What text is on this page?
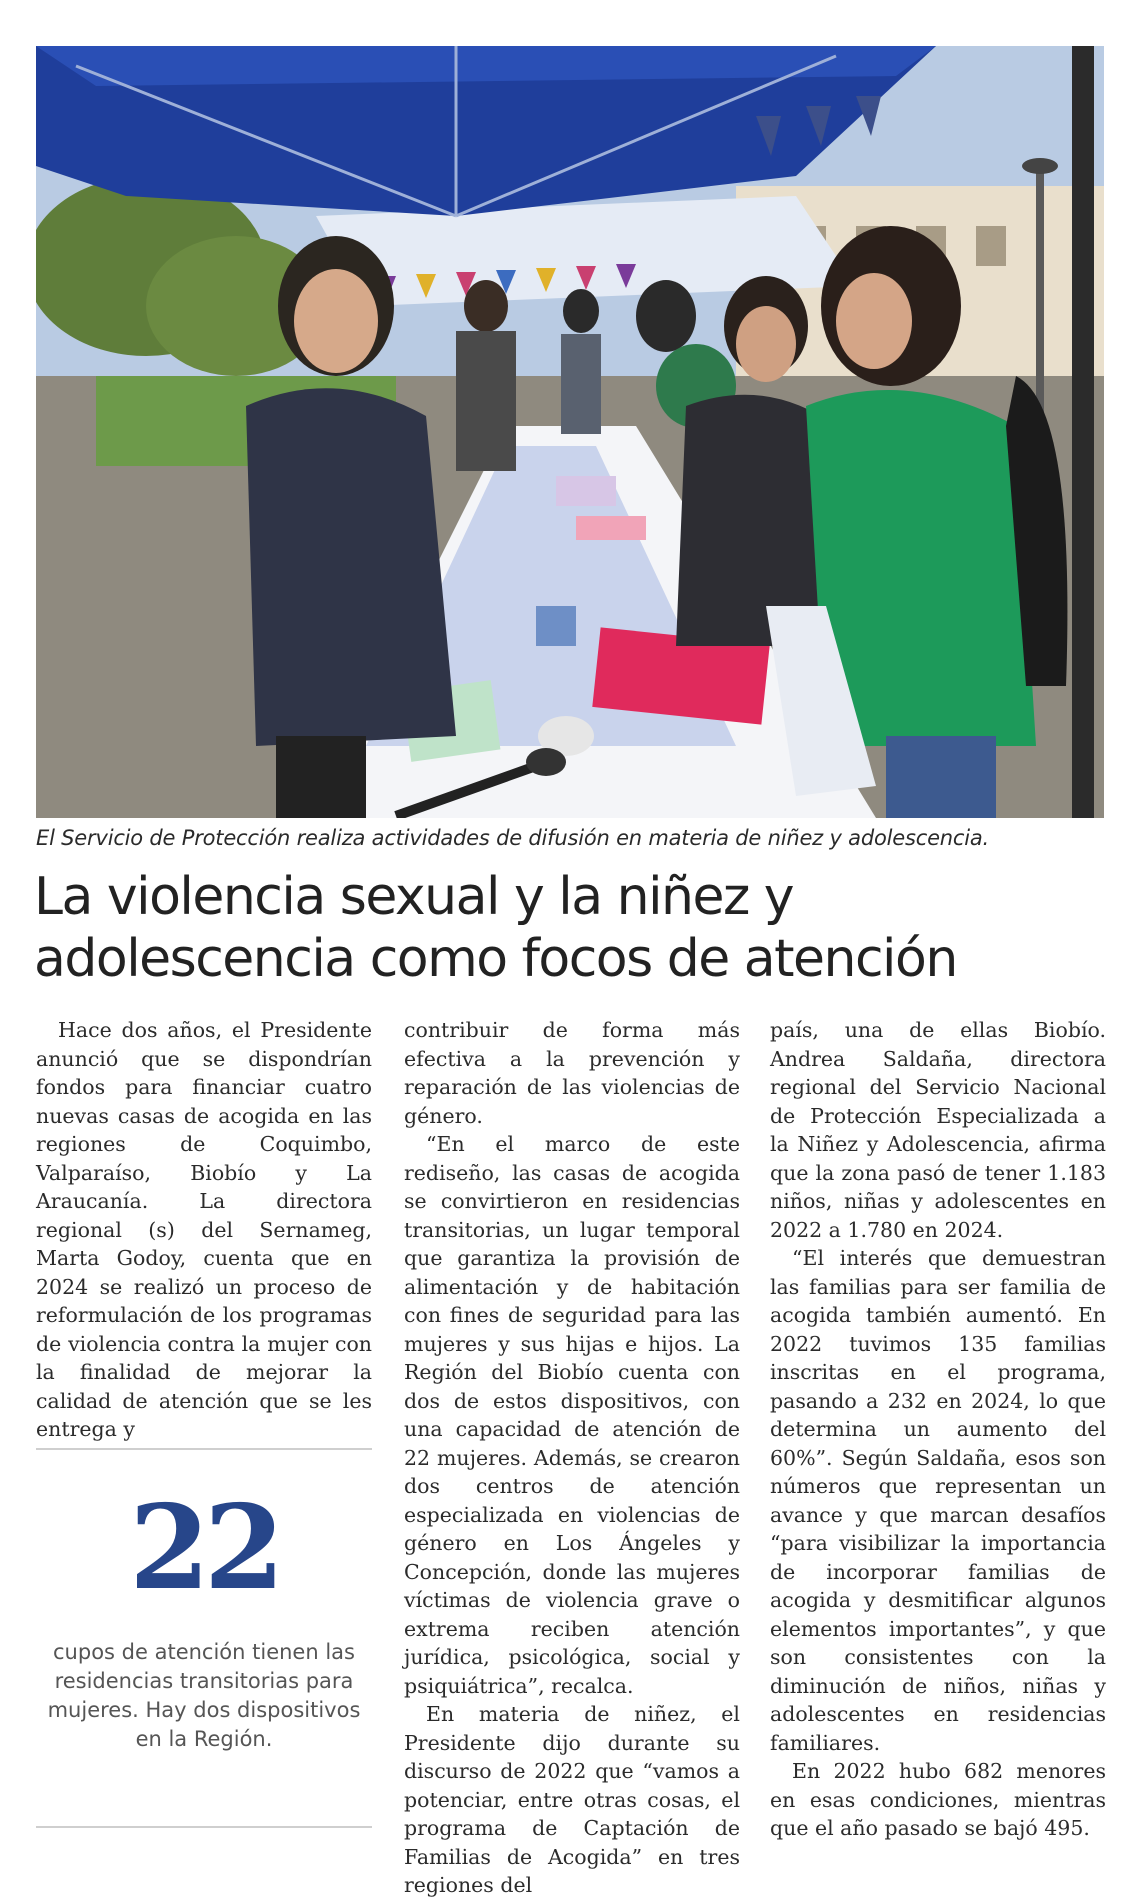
El Servicio de Protección realiza actividades de difusión en materia de niñez y adolescencia.
La violencia sexual y la niñez y
adolescencia como focos de atención

Hace dos años, el Presidente anunció que se dispondrían fondos para financiar cuatro nuevas casas de acogida en las regiones de Coquimbo, Valparaíso, Biobío y La Araucanía. La directora regional (s) del Sernameg, Marta Godoy, cuenta que en 2024 se realizó un proceso de reformulación de los programas de violencia contra la mujer con la finalidad de mejorar la calidad de atención que se les entrega y

22
cupos de atención tienen las residencias transitorias para mujeres. Hay dos dispositivos en la Región.

contribuir de forma más efectiva a la prevención y reparación de las violencias de género.

“En el marco de este rediseño, las casas de acogida se convirtieron en residencias transitorias, un lugar temporal que garantiza la provisión de alimentación y de habitación con fines de seguridad para las mujeres y sus hijas e hijos. La Región del Biobío cuenta con dos de estos dispositivos, con una capacidad de atención de 22 mujeres. Además, se crearon dos centros de atención especializada en violencias de género en Los Ángeles y Concepción, donde las mujeres víctimas de violencia grave o extrema reciben atención jurídica, psicológica, social y psiquiátrica”, recalca.

En materia de niñez, el Presidente dijo durante su discurso de 2022 que “vamos a potenciar, entre otras cosas, el programa de Captación de Familias de Acogida” en tres regiones del

país, una de ellas Biobío. Andrea Saldaña, directora regional del Servicio Nacional de Protección Especializada a la Niñez y Adolescencia, afirma que la zona pasó de tener 1.183 niños, niñas y adolescentes en 2022 a 1.780 en 2024.

“El interés que demuestran las familias para ser familia de acogida también aumentó. En 2022 tuvimos 135 familias inscritas en el programa, pasando a 232 en 2024, lo que determina un aumento del 60%”. Según Saldaña, esos son números que representan un avance y que marcan desafíos “para visibilizar la importancia de incorporar familias de acogida y desmitificar algunos elementos importantes”, y que son consistentes con la diminución de niños, niñas y adolescentes en residencias familiares.

En 2022 hubo 682 menores en esas condiciones, mientras que el año pasado se bajó 495.
